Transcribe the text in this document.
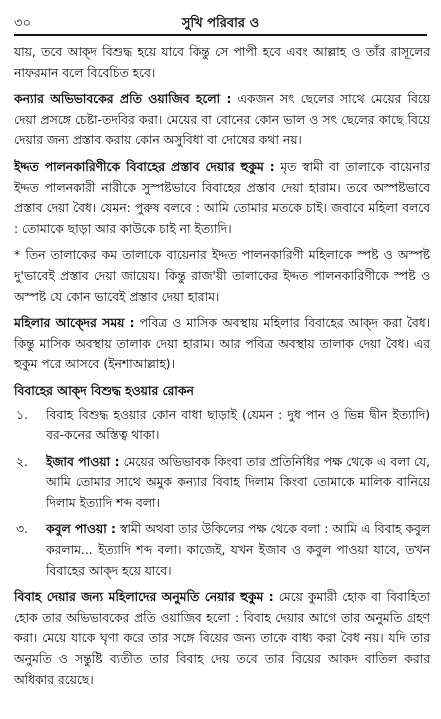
৩০	সুখি পরিবার ও

যায়, তবে আক্দ বিশুদ্ধ হয়ে যাবে কিন্তু সে পাপী হবে এবং আল্লাহ ও তাঁর রাসূলের নাফরমান বলে বিবেচিত হবে।

কন্যার অভিভাবকের প্রতি ওয়াজিব হলো : একজন সৎ ছেলের সাথে মেয়ের বিয়ে দেয়া প্রসঙ্গে চেষ্টা-তদবির করা। মেয়ের বা বোনের কোন ভাল ও সৎ ছেলের কাছে বিয়ে দেয়ার জন্য প্রস্তাব করায় কোন অসুবিধা বা দোষের কথা নয়।

ইদ্দত পালনকারিণীকে বিবাহের প্রস্তাব দেয়ার হুকুম : মৃত স্বামী বা তালাকে বায়েনার ইদ্দত পালনকারী নারীকে সুস্পষ্টভাবে বিবাহের প্রস্তাব দেয়া হারাম। তবে অস্পষ্টভাবে প্রস্তাব দেয়া বৈধ। যেমন: পুরুষ বলবে : আমি তোমার মতকে চাই। জবাবে মহিলা বলবে : তোমাকে ছাড়া আর কাউকে চাই না ইত্যাদি।

* তিন তালাকের কম তালাকে বায়েনার ইদ্দত পালনকারিণী মহিলাকে স্পষ্ট ও অস্পষ্ট দু'ভাবেই প্রস্তাব দেয়া জায়েয। কিন্তু রাজ'য়ী তালাকের ইদ্দত পালনকারিণীকে স্পষ্ট ও অস্পষ্ট যে কোন ভাবেই প্রস্তাব দেয়া হারাম।

মহিলার আক্দের সময় : পবিত্র ও মাসিক অবস্থায় মহিলার বিবাহের আক্দ করা বৈধ। কিন্তু মাসিক অবস্থায় তালাক দেয়া হারাম। আর পবিত্র অবস্থায় তালাক দেয়া বৈধ। এর হুকুম পরে আসবে (ইনশাআল্লাহ)।

বিবাহের আক্দ বিশুদ্ধ হওয়ার রোকন
১.	বিবাহ বিশুদ্ধ হওয়ার কোন বাধা ছাড়াই (যেমন : দুধ পান ও ভিন্ন দ্বীন ইত্যাদি) বর-কনের অস্তিত্ব থাকা।
২.	ইজাব পাওয়া : মেয়ের অভিভাবক কিংবা তার প্রতিনিধির পক্ষ থেকে এ বলা যে, আমি তোমার সাথে অমুক কন্যার বিবাহ দিলাম কিংবা তোমাকে মালিক বানিয়ে দিলাম ইত্যাদি শব্দ বলা।
৩.	কবুল পাওয়া : স্বামী অথবা তার উকিলের পক্ষ থেকে বলা : আমি এ বিবাহ কবুল করলাম... ইত্যাদি শব্দ বলা। কাজেই, যখন ইজাব ও কবুল পাওয়া যাবে, তখন বিবাহের আক্দ হয়ে যাবে।

বিবাহ দেয়ার জন্য মহিলাদের অনুমতি নেয়ার হুকুম : মেয়ে কুমারী হোক বা বিবাহিতা হোক তার অভিভাবকের প্রতি ওয়াজিব হলো : বিবাহ দেয়ার আগে তার অনুমতি গ্রহণ করা। মেয়ে যাকে ঘৃণা করে তার সঙ্গে বিয়ের জন্য তাকে বাধ্য করা বৈধ নয়। যদি তার অনুমতি ও সন্তুষ্টি ব্যতীত তার বিবাহ দেয় তবে তার বিয়ের আকদ বাতিল করার অধিকার রয়েছে।
